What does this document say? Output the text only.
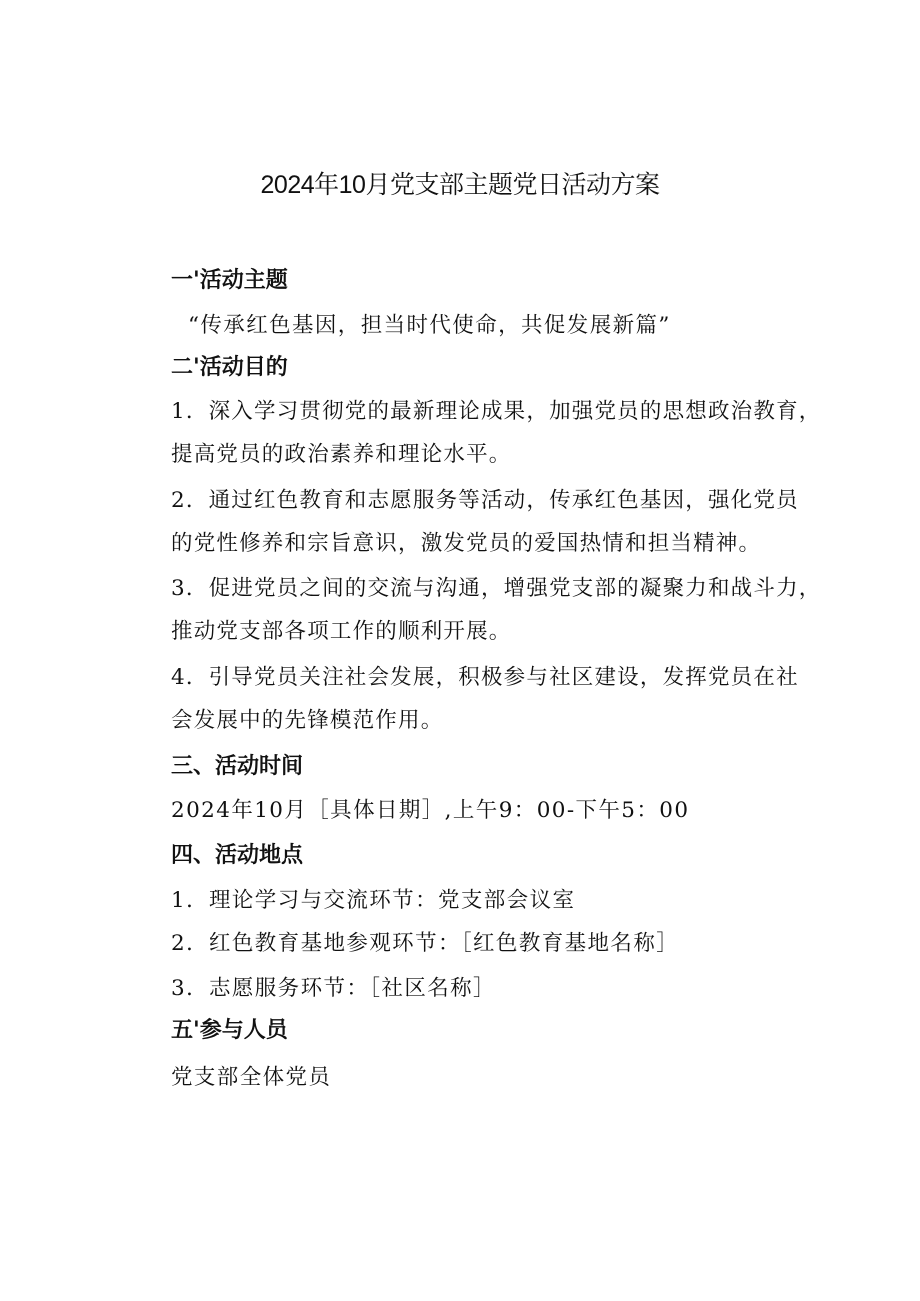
2024年10月党支部主题党日活动方案
一'活动主题
“传承红色基因，担当时代使命，共促发展新篇”
二'活动目的
1．深入学习贯彻党的最新理论成果，加强党员的思想政治教育，
提高党员的政治素养和理论水平。
2．通过红色教育和志愿服务等活动，传承红色基因，强化党员
的党性修养和宗旨意识，激发党员的爱国热情和担当精神。
3．促进党员之间的交流与沟通，增强党支部的凝聚力和战斗力，
推动党支部各项工作的顺利开展。
4．引导党员关注社会发展，积极参与社区建设，发挥党员在社
会发展中的先锋模范作用。
三、活动时间
2024年10月［具体日期］,上午9：00-下午5：00
四、活动地点
1．理论学习与交流环节：党支部会议室
2．红色教育基地参观环节：［红色教育基地名称］
3．志愿服务环节：［社区名称］
五'参与人员
党支部全体党员
